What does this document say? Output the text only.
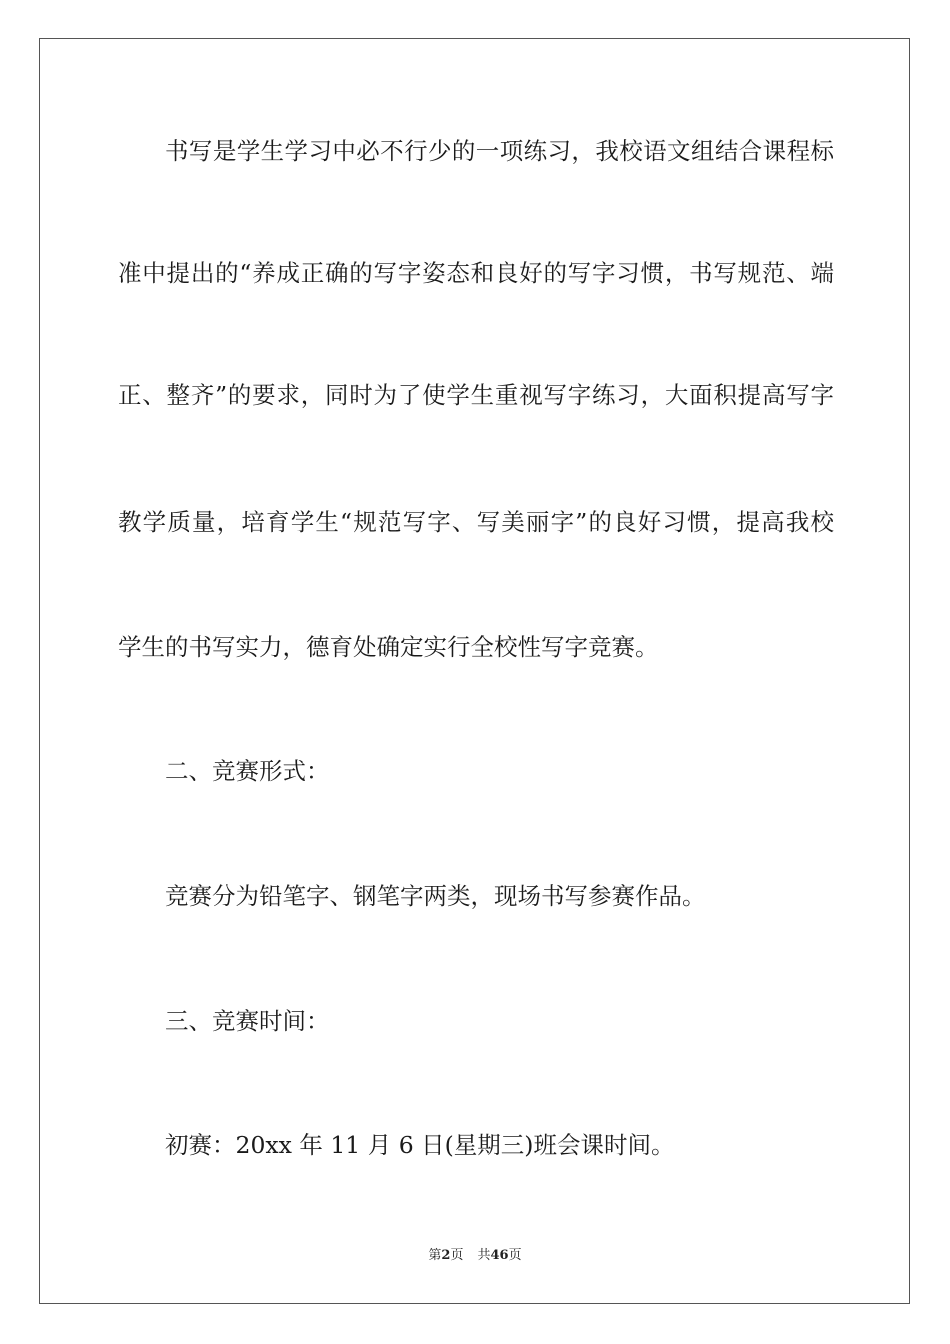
书写是学生学习中必不行少的一项练习，我校语文组结合课程标
准中提出的“养成正确的写字姿态和良好的写字习惯，书写规范、端
正、整齐”的要求，同时为了使学生重视写字练习，大面积提高写字
教学质量，培育学生“规范写字、写美丽字”的良好习惯，提高我校
学生的书写实力，德育处确定实行全校性写字竞赛。
二、竞赛形式：
竞赛分为铅笔字、钢笔字两类，现场书写参赛作品。
三、竞赛时间：
初赛：20xx 年 11 月 6 日(星期三)班会课时间。
第2页 共46页
